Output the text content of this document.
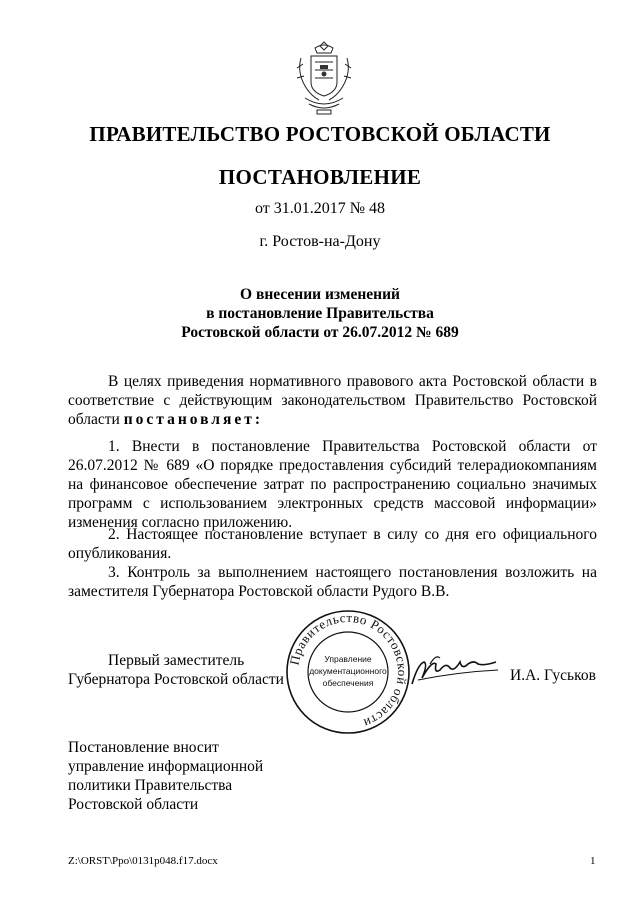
ПРАВИТЕЛЬСТВО РОСТОВСКОЙ ОБЛАСТИ
ПОСТАНОВЛЕНИЕ
от 31.01.2017 № 48
г. Ростов-на-Дону
О внесении изменений
в постановление Правительства
Ростовской области от 26.07.2012 № 689
В целях приведения нормативного правового акта Ростовской области в соответствие с действующим законодательством Правительство Ростовской области постановляет:
1. Внести в постановление Правительства Ростовской области от 26.07.2012 № 689 «О порядке предоставления субсидий телерадиокомпаниям на финансовое обеспечение затрат по распространению социально значимых программ с использованием электронных средств массовой информации» изменения согласно приложению.
2. Настоящее постановление вступает в силу со дня его официального опубликования.
3. Контроль за выполнением настоящего постановления возложить на заместителя Губернатора Ростовской области Рудого В.В.
Первый заместитель
Губернатора Ростовской области
Правительство Ростовской области
Управление
документационного
обеспечения	И.А. Гуськов
Постановление вносит
управление информационной
политики Правительства
Ростовской области
Z:\ORST\Ppo\0131p048.f17.docx	1
